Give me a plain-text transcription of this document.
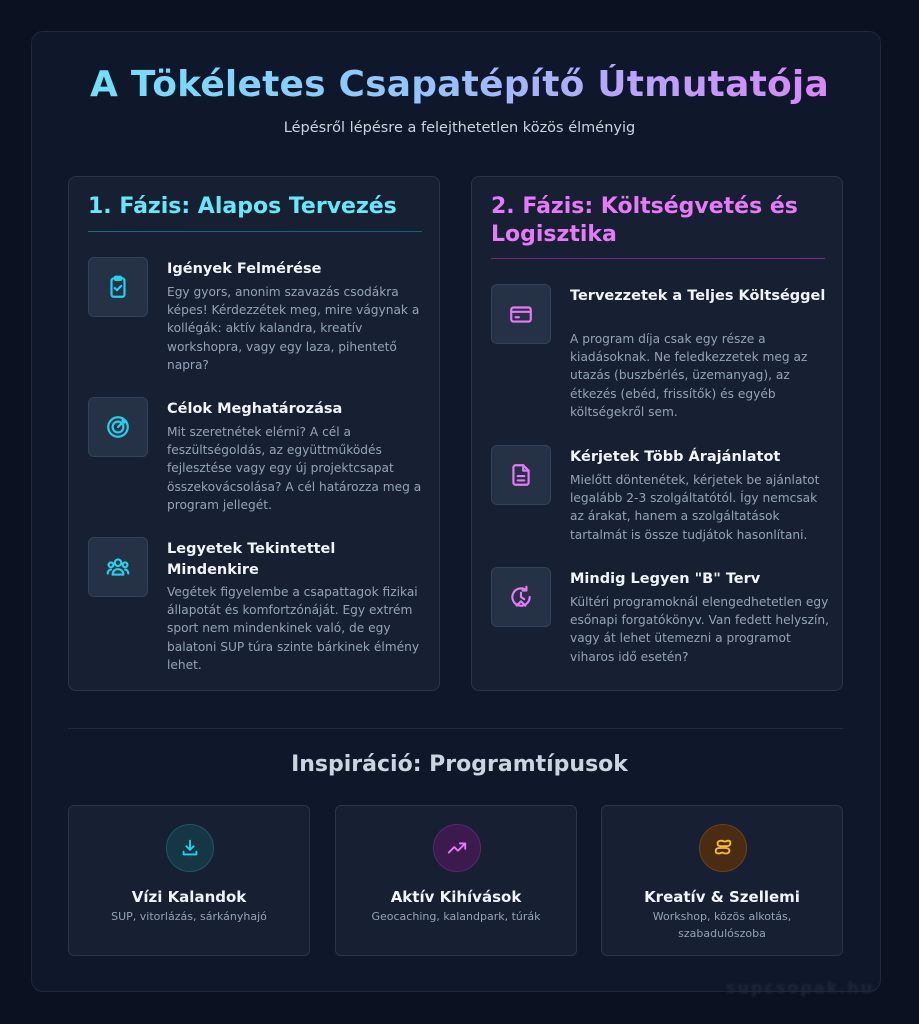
A Tökéletes Csapatépítő Útmutatója

Lépésről lépésre a felejthetetlen közös élményig

1. Fázis: Alapos Tervezés
Igények Felmérése
Egy gyors, anonim szavazás csodákra képes! Kérdezzétek meg, mire vágynak a kollégák: aktív kalandra, kreatív workshopra, vagy egy laza, pihentető napra?
Célok Meghatározása
Mit szeretnétek elérni? A cél a feszültségoldás, az együttműködés fejlesztése vagy egy új projektcsapat összekovácsolása? A cél határozza meg a program jellegét.
Legyetek Tekintettel Mindenkire
Vegétek figyelembe a csapattagok fizikai állapotát és komfortzónáját. Egy extrém sport nem mindenkinek való, de egy balatoni SUP túra szinte bárkinek élmény lehet.
2. Fázis: Költségvetés és Logisztika
Tervezzetek a Teljes Költséggel
A program díja csak egy része a kiadásoknak. Ne feledkezzetek meg az utazás (buszbérlés, üzemanyag), az étkezés (ebéd, frissítők) és egyéb költségekről sem.
Kérjetek Több Árajánlatot
Mielőtt döntenétek, kérjetek be ajánlatot legalább 2-3 szolgáltatótól. Így nemcsak az árakat, hanem a szolgáltatások tartalmát is össze tudjátok hasonlítani.
Mindig Legyen "B" Terv
Kültéri programoknál elengedhetetlen egy esőnapi forgatókönyv. Van fedett helyszín, vagy át lehet ütemezni a programot viharos idő esetén?
Inspiráció: Programtípusok
Vízi Kalandok
SUP, vitorlázás, sárkányhajó
Aktív Kihívások
Geocaching, kalandpark, túrák
Kreatív & Szellemi
Workshop, közös alkotás, szabadulószoba
supcsopak.hu
